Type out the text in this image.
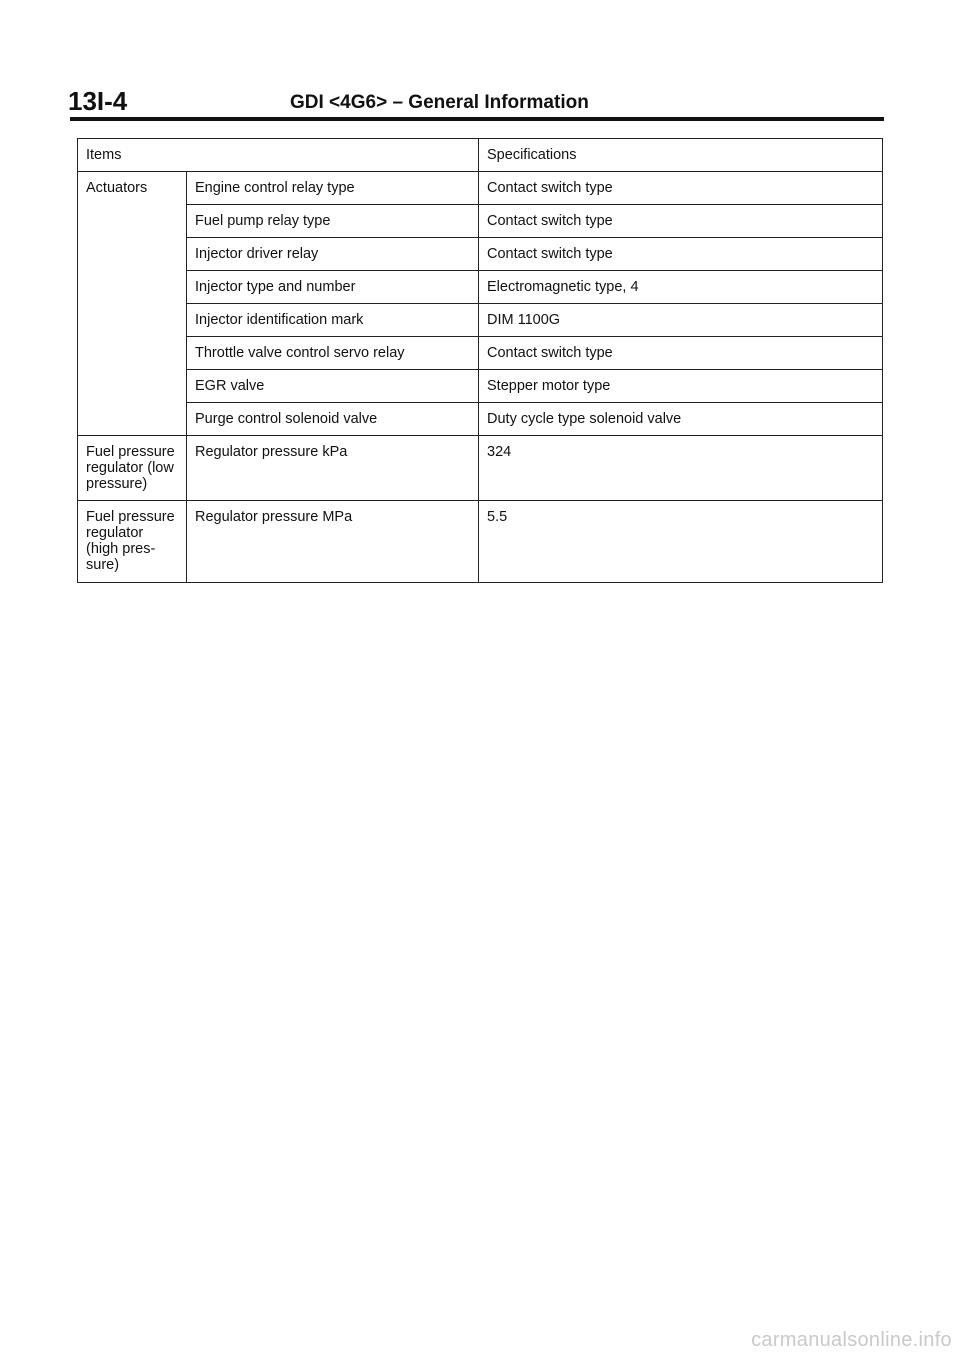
13I-4	GDI <4G6> – General Information
Items		Specifications
Actuators	Engine control relay type	Contact switch type
	Fuel pump relay type	Contact switch type
	Injector driver relay	Contact switch type
	Injector type and number	Electromagnetic type, 4
	Injector identification mark	DIM 1100G
	Throttle valve control servo relay	Contact switch type
	EGR valve	Stepper motor type
	Purge control solenoid valve	Duty cycle type solenoid valve
Fuel pressure
regulator (low
pressure)	Regulator pressure kPa	324
Fuel pressure
regulator
(high pres-
sure)	Regulator pressure MPa	5.5
carmanualsonline.info
